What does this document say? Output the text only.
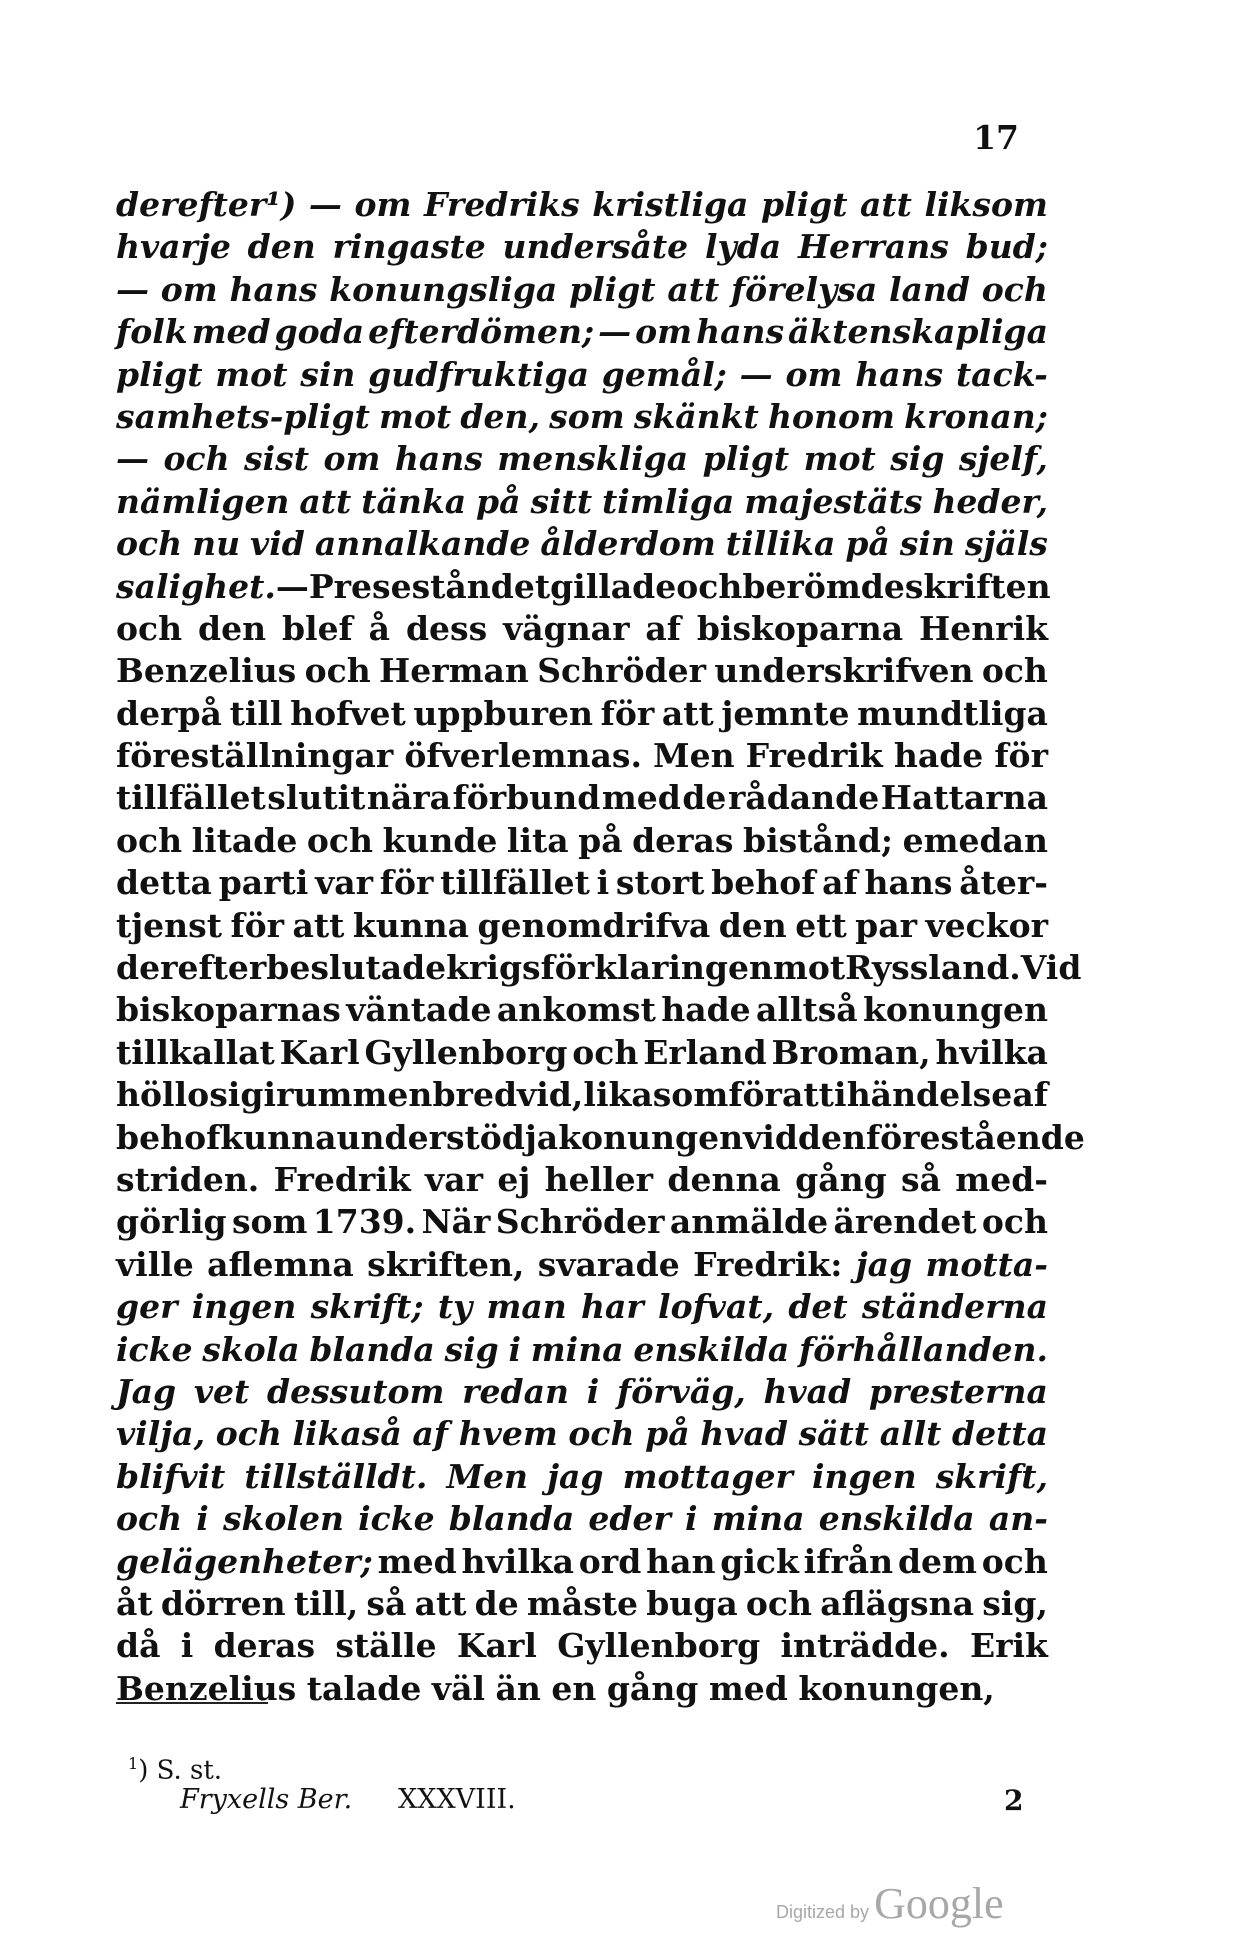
17
derefter¹) — om Fredriks kristliga pligt att liksom
hvarje den ringaste undersåte lyda Herrans bud;
— om hans konungsliga pligt att förelysa land och
folk med goda efterdömen; — om hans äktenskapliga
pligt mot sin gudfruktiga gemål; — om hans tack-
samhets-pligt mot den, som skänkt honom kronan;
— och sist om hans menskliga pligt mot sig sjelf,
nämligen att tänka på sitt timliga majestäts heder,
och nu vid annalkande ålderdom tillika på sin själs
salighet. — Preseståndet gillade och berömde skriften
och den blef å dess vägnar af biskoparna Henrik
Benzelius och Herman Schröder underskrifven och
derpå till hofvet uppburen för att jemnte mundtliga
föreställningar öfverlemnas. Men Fredrik hade för
tillfället slutit nära förbund med de rådande Hattarna
och litade och kunde lita på deras bistånd; emedan
detta parti var för tillfället i stort behof af hans åter-
tjenst för att kunna genomdrifva den ett par veckor
derefter beslutade krigsförklaringen mot Ryssland. Vid
biskoparnas väntade ankomst hade alltså konungen
tillkallat Karl Gyllenborg och Erland Broman, hvilka
höllo sig i rummen bredvid, likasom för att i händelse af
behof kunna understödja konungen vid den förestående
striden. Fredrik var ej heller denna gång så med-
görlig som 1739. När Schröder anmälde ärendet och
ville aflemna skriften, svarade Fredrik: jag motta-
ger ingen skrift; ty man har lofvat, det ständerna
icke skola blanda sig i mina enskilda förhållanden.
Jag vet dessutom redan i förväg, hvad presterna
vilja, och likaså af hvem och på hvad sätt allt detta
blifvit tillställdt. Men jag mottager ingen skrift,
och i skolen icke blanda eder i mina enskilda an-
gelägenheter; med hvilka ord han gick ifrån dem och
åt dörren till, så att de måste buga och aflägsna sig,
då i deras ställe Karl Gyllenborg inträdde. Erik
Benzelius
talade
väl
än
en
gång
med
konungen,
$^1$) S. st.
Fryxells Ber. XXXVIII.	2
Digitized by Google
